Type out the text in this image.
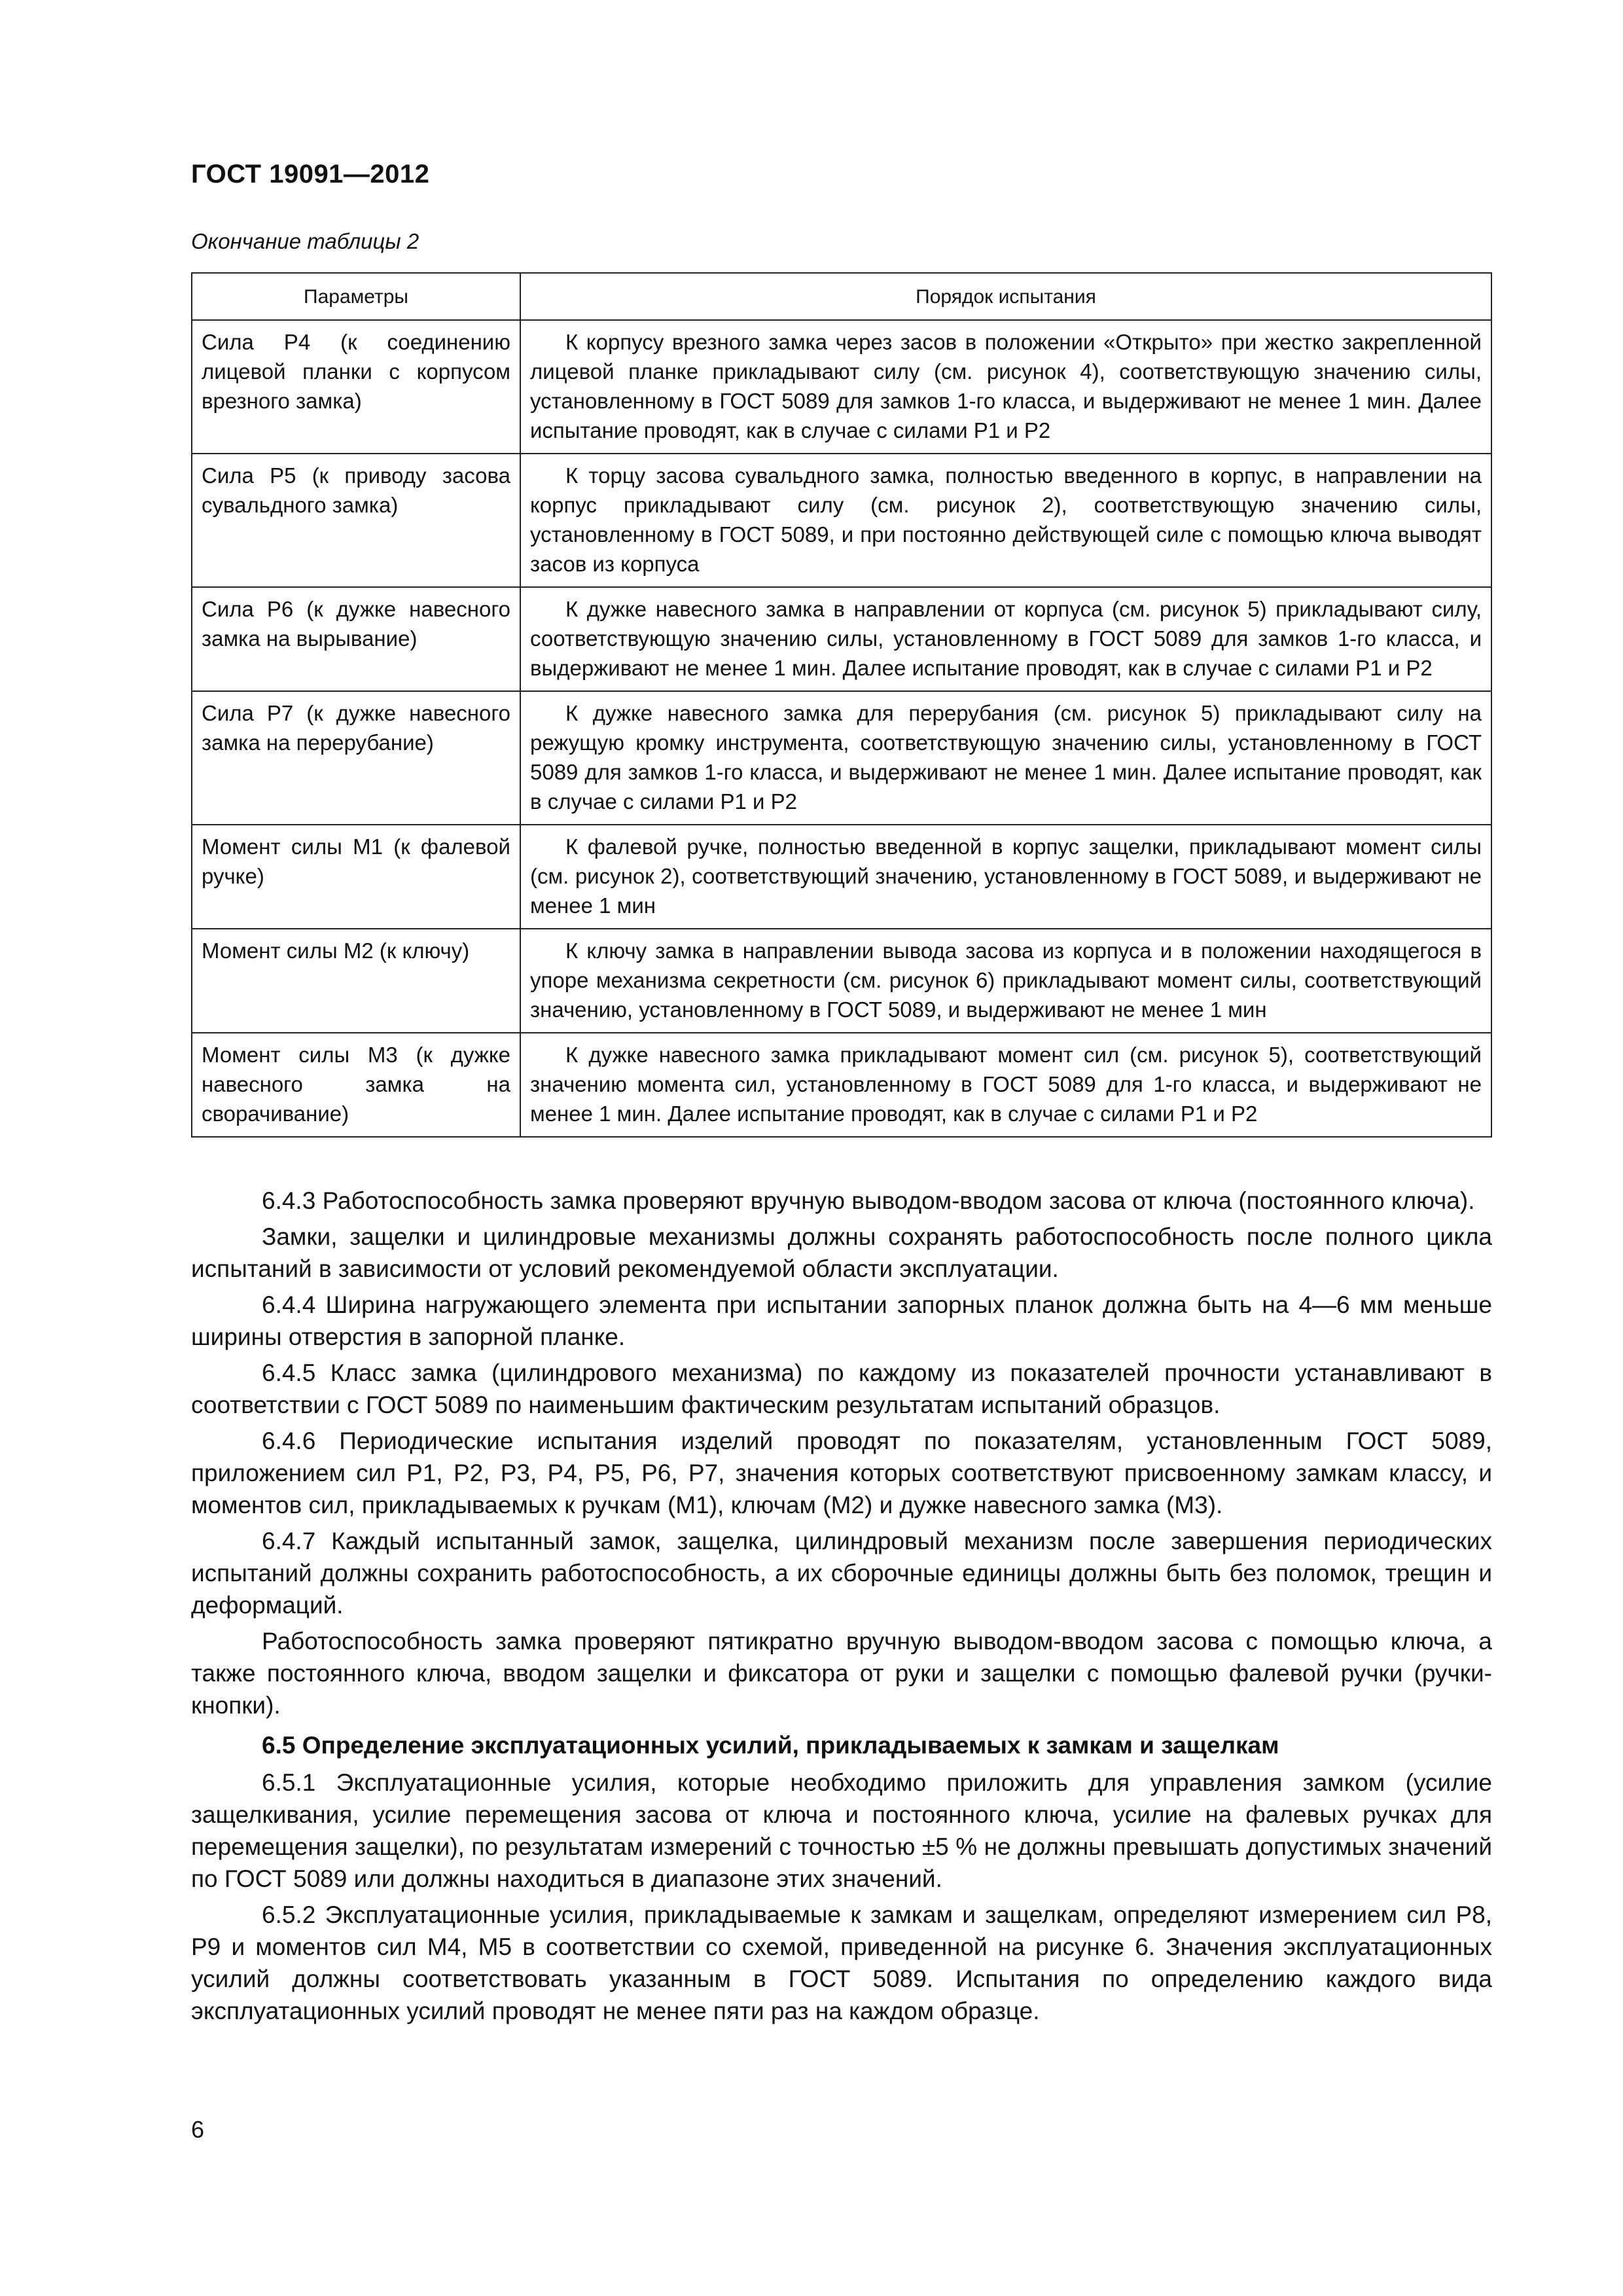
ГОСТ 19091—2012
Окончание таблицы 2
Параметры	Порядок испытания
Сила P4 (к соединению лицевой планки с корпусом врезного замка)	К корпусу врезного замка через засов в положении «Открыто» при жестко закрепленной лицевой планке прикладывают силу (см. рисунок 4), соответствующую значению силы, установленному в ГОСТ 5089 для замков 1-го класса, и выдерживают не менее 1 мин. Далее испытание проводят, как в случае с силами P1 и P2
Сила P5 (к приводу засова сувальдного замка)	К торцу засова сувальдного замка, полностью введенного в корпус, в направлении на корпус прикладывают силу (см. рисунок 2), соответствующую значению силы, установленному в ГОСТ 5089, и при постоянно действующей силе с помощью ключа выводят засов из корпуса
Сила P6 (к дужке навесного замка на вырывание)	К дужке навесного замка в направлении от корпуса (см. рисунок 5) прикладывают силу, соответствующую значению силы, установленному в ГОСТ 5089 для замков 1-го класса, и выдерживают не менее 1 мин. Далее испытание проводят, как в случае с силами P1 и P2
Сила P7 (к дужке навесного замка на перерубание)	К дужке навесного замка для перерубания (см. рисунок 5) прикладывают силу на режущую кромку инструмента, соответствующую значению силы, установленному в ГОСТ 5089 для замков 1-го класса, и выдерживают не менее 1 мин. Далее испытание проводят, как в случае с силами P1 и P2
Момент силы M1 (к фалевой ручке)	К фалевой ручке, полностью введенной в корпус защелки, прикладывают момент силы (см. рисунок 2), соответствующий значению, установленному в ГОСТ 5089, и выдерживают не менее 1 мин
Момент силы M2 (к ключу)	К ключу замка в направлении вывода засова из корпуса и в положении находящегося в упоре механизма секретности (см. рисунок 6) прикладывают момент силы, соответствующий значению, установленному в ГОСТ 5089, и выдерживают не менее 1 мин
Момент силы M3 (к дужке навесного замка на сворачивание)	К дужке навесного замка прикладывают момент сил (см. рисунок 5), соответствующий значению момента сил, установленному в ГОСТ 5089 для 1-го класса, и выдерживают не менее 1 мин. Далее испытание проводят, как в случае с силами P1 и P2

6.4.3 Работоспособность замка проверяют вручную выводом-вводом засова от ключа (постоянного ключа).

Замки, защелки и цилиндровые механизмы должны сохранять работоспособность после полного цикла испытаний в зависимости от условий рекомендуемой области эксплуатации.

6.4.4 Ширина нагружающего элемента при испытании запорных планок должна быть на 4—6 мм меньше ширины отверстия в запорной планке.

6.4.5 Класс замка (цилиндрового механизма) по каждому из показателей прочности устанавливают в соответствии с ГОСТ 5089 по наименьшим фактическим результатам испытаний образцов.

6.4.6 Периодические испытания изделий проводят по показателям, установленным ГОСТ 5089, приложением сил P1, P2, P3, P4, P5, P6, P7, значения которых соответствуют присвоенному замкам классу, и моментов сил, прикладываемых к ручкам (M1), ключам (M2) и дужке навесного замка (M3).

6.4.7 Каждый испытанный замок, защелка, цилиндровый механизм после завершения периодических испытаний должны сохранить работоспособность, а их сборочные единицы должны быть без поломок, трещин и деформаций.

Работоспособность замка проверяют пятикратно вручную выводом-вводом засова с помощью ключа, а также постоянного ключа, вводом защелки и фиксатора от руки и защелки с помощью фалевой ручки (ручки-кнопки).

6.5 Определение эксплуатационных усилий, прикладываемых к замкам и защелкам

6.5.1 Эксплуатационные усилия, которые необходимо приложить для управления замком (усилие защелкивания, усилие перемещения засова от ключа и постоянного ключа, усилие на фалевых ручках для перемещения защелки), по результатам измерений с точностью ±5 % не должны превышать допустимых значений по ГОСТ 5089 или должны находиться в диапазоне этих значений.

6.5.2 Эксплуатационные усилия, прикладываемые к замкам и защелкам, определяют измерением сил P8, P9 и моментов сил M4, M5 в соответствии со схемой, приведенной на рисунке 6. Значения эксплуатационных усилий должны соответствовать указанным в ГОСТ 5089. Испытания по определению каждого вида эксплуатационных усилий проводят не менее пяти раз на каждом образце.

6
